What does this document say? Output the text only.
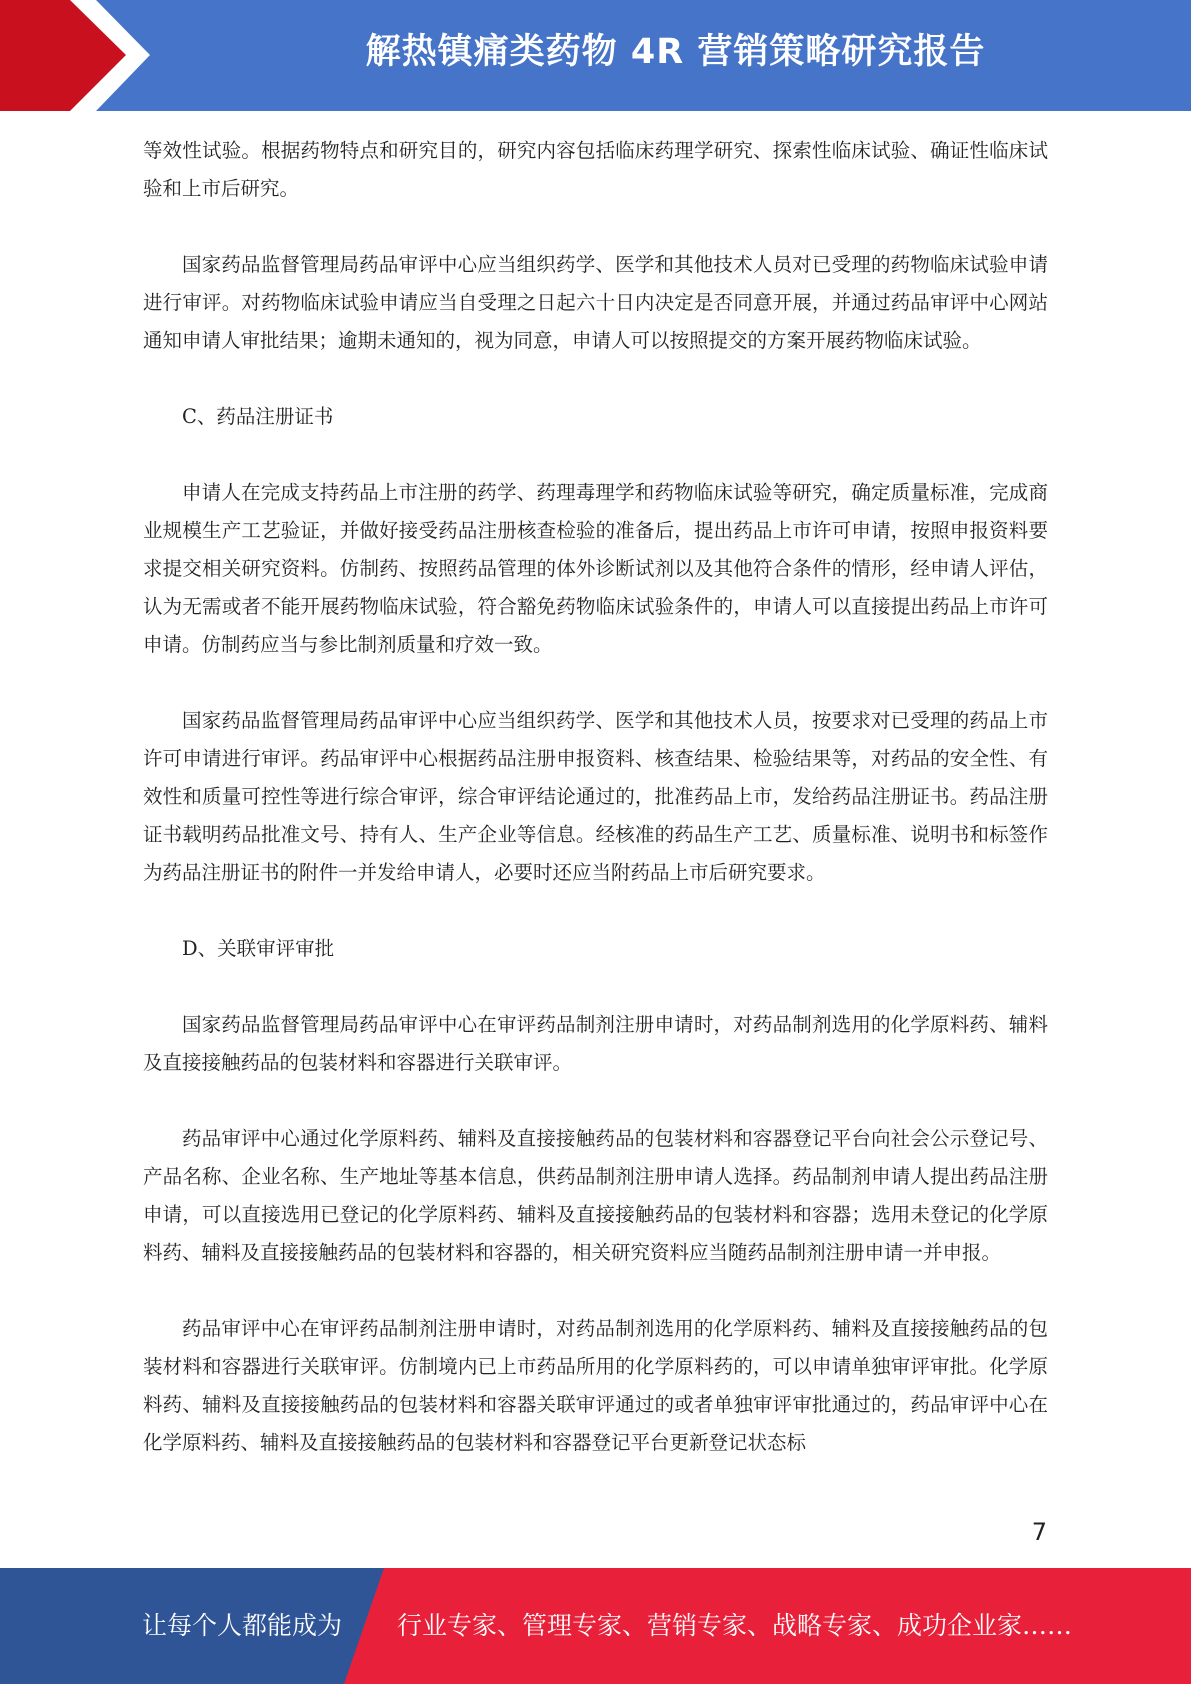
解热镇痛类药物 4R 营销策略研究报告

等效性试验。根据药物特点和研究目的，研究内容包括临床药理学研究、探索性临床试验、确证性临床试验和上市后研究。

国家药品监督管理局药品审评中心应当组织药学、医学和其他技术人员对已受理的药物临床试验申请进行审评。对药物临床试验申请应当自受理之日起六十日内决定是否同意开展，并通过药品审评中心网站通知申请人审批结果；逾期未通知的，视为同意，申请人可以按照提交的方案开展药物临床试验。

C、药品注册证书

申请人在完成支持药品上市注册的药学、药理毒理学和药物临床试验等研究，确定质量标准，完成商业规模生产工艺验证，并做好接受药品注册核查检验的准备后，提出药品上市许可申请，按照申报资料要求提交相关研究资料。仿制药、按照药品管理的体外诊断试剂以及其他符合条件的情形，经申请人评估，认为无需或者不能开展药物临床试验，符合豁免药物临床试验条件的，申请人可以直接提出药品上市许可申请。仿制药应当与参比制剂质量和疗效一致。

国家药品监督管理局药品审评中心应当组织药学、医学和其他技术人员，按要求对已受理的药品上市许可申请进行审评。药品审评中心根据药品注册申报资料、核查结果、检验结果等，对药品的安全性、有效性和质量可控性等进行综合审评，综合审评结论通过的，批准药品上市，发给药品注册证书。药品注册证书载明药品批准文号、持有人、生产企业等信息。经核准的药品生产工艺、质量标准、说明书和标签作为药品注册证书的附件一并发给申请人，必要时还应当附药品上市后研究要求。

D、关联审评审批

国家药品监督管理局药品审评中心在审评药品制剂注册申请时，对药品制剂选用的化学原料药、辅料及直接接触药品的包装材料和容器进行关联审评。

药品审评中心通过化学原料药、辅料及直接接触药品的包装材料和容器登记平台向社会公示登记号、产品名称、企业名称、生产地址等基本信息，供药品制剂注册申请人选择。药品制剂申请人提出药品注册申请，可以直接选用已登记的化学原料药、辅料及直接接触药品的包装材料和容器；选用未登记的化学原料药、辅料及直接接触药品的包装材料和容器的，相关研究资料应当随药品制剂注册申请一并申报。

药品审评中心在审评药品制剂注册申请时，对药品制剂选用的化学原料药、辅料及直接接触药品的包装材料和容器进行关联审评。仿制境内已上市药品所用的化学原料药的，可以申请单独审评审批。化学原料药、辅料及直接接触药品的包装材料和容器关联审评通过的或者单独审评审批通过的，药品审评中心在化学原料药、辅料及直接接触药品的包装材料和容器登记平台更新登记状态标

7
让每个人都能成为 行业专家、管理专家、营销专家、战略专家、成功企业家……
